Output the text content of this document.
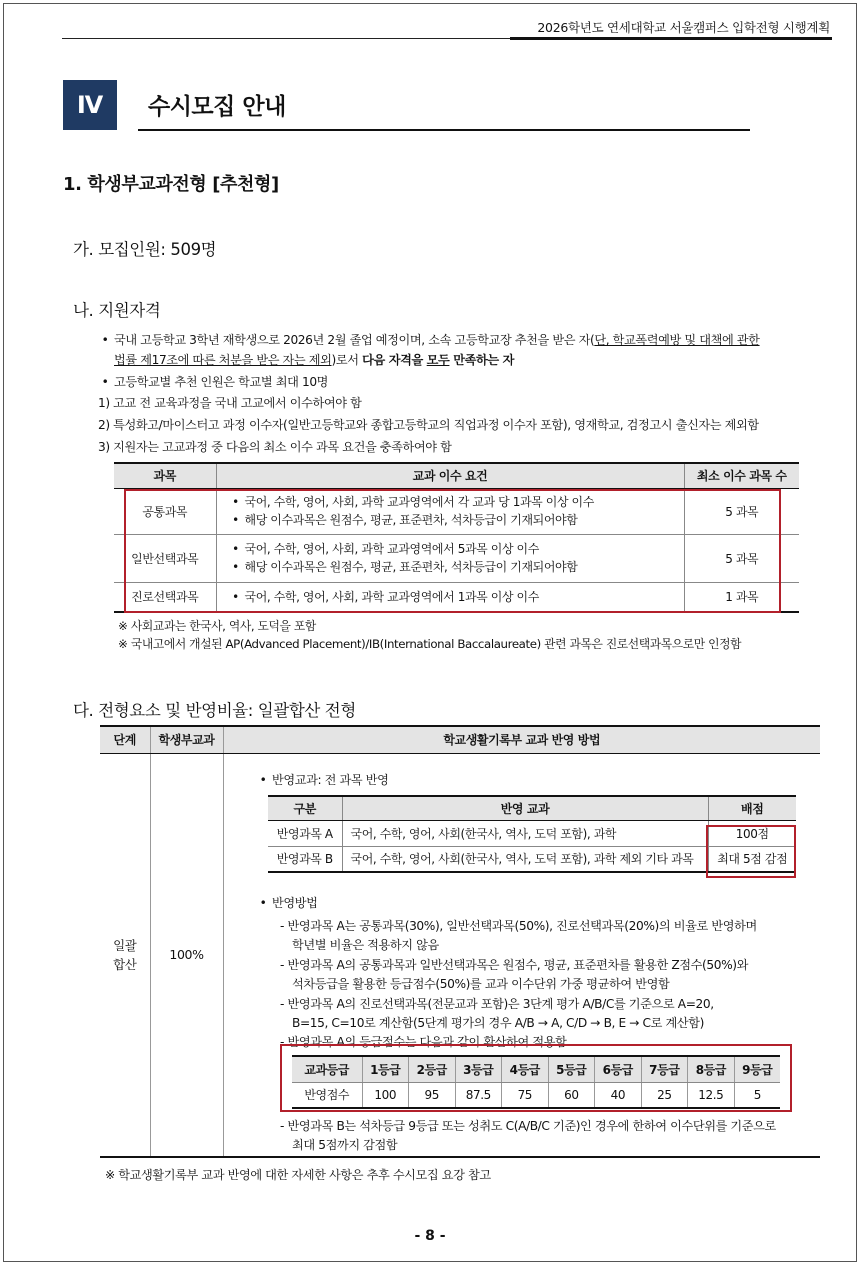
2026학년도 연세대학교 서울캠퍼스 입학전형 시행계획
Ⅳ	수시모집 안내
1. 학생부교과전형 [추천형]
가. 모집인원: 509명
나. 지원자격
• 국내 고등학교 3학년 재학생으로 2026년 2월 졸업 예정이며, 소속 고등학교장 추천을 받은 자(단, 학교폭력예방 및 대책에 관한
법률 제17조에 따른 처분을 받은 자는 제외)로서 다음 자격을 모두 만족하는 자
• 고등학교별 추천 인원은 학교별 최대 10명
1) 고교 전 교육과정을 국내 고교에서 이수하여야 함
2) 특성화고/마이스터고 과정 이수자(일반고등학교와 종합고등학교의 직업과정 이수자 포함), 영재학교, 검정고시 출신자는 제외함
3) 지원자는 고교과정 중 다음의 최소 이수 과목 요건을 충족하여야 함
과목	교과 이수 요건	최소 이수 과목 수
공통과목	• 국어, 수학, 영어, 사회, 과학 교과영역에서 각 교과 당 1과목 이상 이수
• 해당 이수과목은 원점수, 평균, 표준편차, 석차등급이 기재되어야함	5 과목
일반선택과목	• 국어, 수학, 영어, 사회, 과학 교과영역에서 5과목 이상 이수
• 해당 이수과목은 원점수, 평균, 표준편차, 석차등급이 기재되어야함	5 과목
진로선택과목	• 국어, 수학, 영어, 사회, 과학 교과영역에서 1과목 이상 이수	1 과목
※ 사회교과는 한국사, 역사, 도덕을 포함
※ 국내고에서 개설된 AP(Advanced Placement)/IB(International Baccalaureate) 관련 과목은 진로선택과목으로만 인정함
다. 전형요소 및 반영비율: 일괄합산 전형
단계	학생부교과	학교생활기록부 교과 반영 방법
일괄
합산	100%	
• 반영교과: 전 과목 반영
구분	반영 교과	배점
반영과목 A	국어, 수학, 영어, 사회(한국사, 역사, 도덕 포함), 과학	100점
반영과목 B	국어, 수학, 영어, 사회(한국사, 역사, 도덕 포함), 과학 제외 기타 과목	최대 5점 감점
• 반영방법
- 반영과목 A는 공통과목(30%), 일반선택과목(50%), 진로선택과목(20%)의 비율로 반영하며
학년별 비율은 적용하지 않음
- 반영과목 A의 공통과목과 일반선택과목은 원점수, 평균, 표준편차를 활용한 Z점수(50%)와
석차등급을 활용한 등급점수(50%)를 교과 이수단위 가중 평균하여 반영함
- 반영과목 A의 진로선택과목(전문교과 포함)은 3단계 평가 A/B/C를 기준으로 A=20,
B=15, C=10로 계산함(5단계 평가의 경우 A/B → A, C/D → B, E → C로 계산함)
- 반영과목 A의 등급점수는 다음과 같이 환산하여 적용함
교과등급	1등급	2등급	3등급	4등급	5등급	6등급	7등급	8등급	9등급
반영점수	100	95	87.5	75	60	40	25	12.5	5
- 반영과목 B는 석차등급 9등급 또는 성취도 C(A/B/C 기준)인 경우에 한하여 이수단위를 기준으로
최대 5점까지 감점함
※ 학교생활기록부 교과 반영에 대한 자세한 사항은 추후 수시모집 요강 참고
- 8 -
